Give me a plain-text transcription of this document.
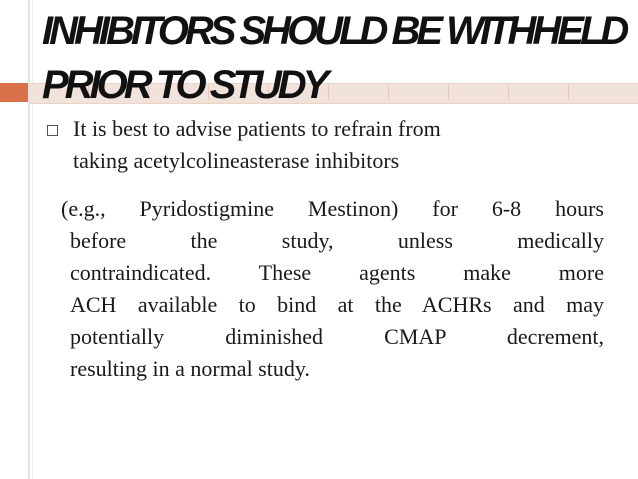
INHIBITORS SHOULD BE WITHHELD
PRIOR TO STUDY
It is best to advise patients to refrain from
taking acetylcolineasterase inhibitors
(e.g., Pyridostigmine Mestinon) for 6-8 hours
before the study, unless medically
contraindicated. These agents make more
ACH available to bind at the ACHRs and may
potentially diminished CMAP decrement,
resulting in a normal study.
